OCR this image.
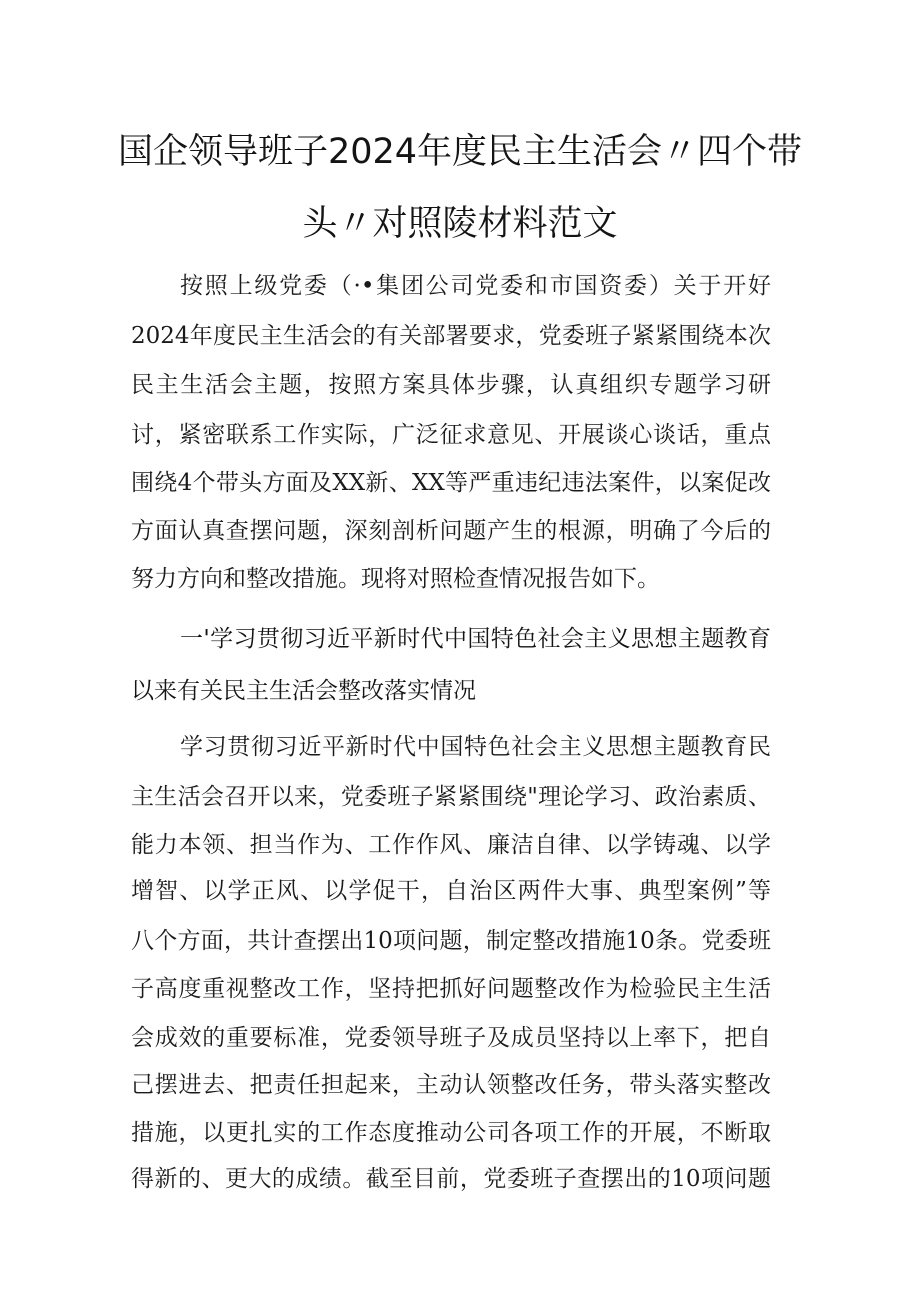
国企领导班子2024年度民主生活会〃四个带
头〃对照陵材料范文
按照上级党委（·•集团公司党委和市国资委）关于开好
2024年度民主生活会的有关部署要求，党委班子紧紧围绕本次
民主生活会主题，按照方案具体步骤，认真组织专题学习研
讨，紧密联系工作实际，广泛征求意见、开展谈心谈话，重点
围绕4个带头方面及XX新、XX等严重违纪违法案件，以案促改
方面认真查摆问题，深刻剖析问题产生的根源，明确了今后的
努力方向和整改措施。现将对照检查情况报告如下。
一'学习贯彻习近平新时代中国特色社会主义思想主题教育
以来有关民主生活会整改落实情况
学习贯彻习近平新时代中国特色社会主义思想主题教育民
主生活会召开以来，党委班子紧紧围绕"理论学习、政治素质、
能力本领、担当作为、工作作风、廉洁自律、以学铸魂、以学
增智、以学正风、以学促干，自治区两件大事、典型案例”等
八个方面，共计查摆出10项问题，制定整改措施10条。党委班
子高度重视整改工作，坚持把抓好问题整改作为检验民主生活
会成效的重要标准，党委领导班子及成员坚持以上率下，把自
己摆进去、把责任担起来，主动认领整改任务，带头落实整改
措施，以更扎实的工作态度推动公司各项工作的开展，不断取
得新的、更大的成绩。截至目前，党委班子查摆出的10项问题
